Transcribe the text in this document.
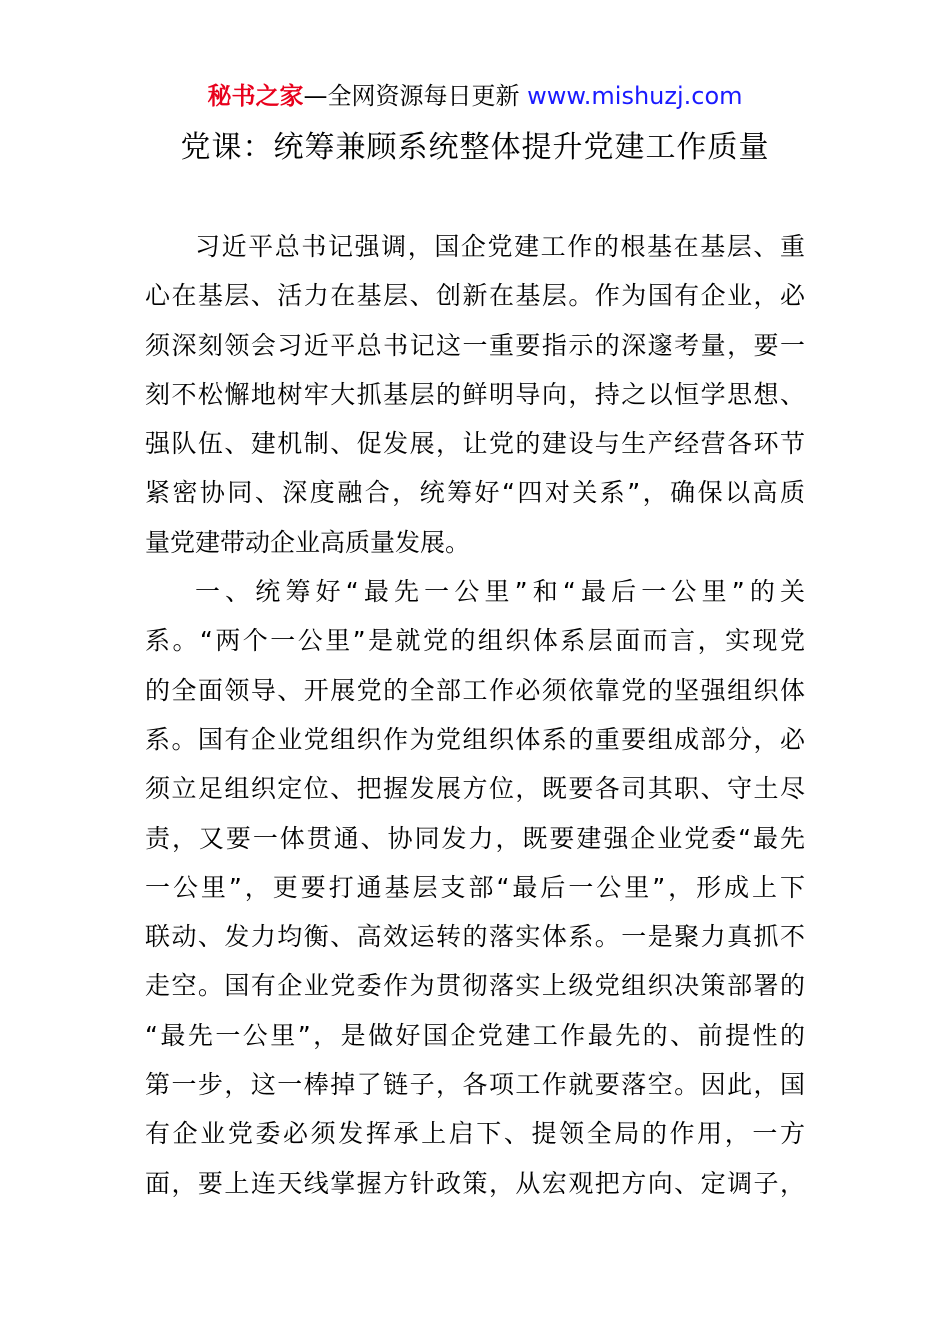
秘书之家—全网资源每日更新 www.mishuzj.com
党课：统筹兼顾系统整体提升党建工作质量
习近平总书记强调，国企党建工作的根基在基层、重
心在基层、活力在基层、创新在基层。作为国有企业，必
须深刻领会习近平总书记这一重要指示的深邃考量，要一
刻不松懈地树牢大抓基层的鲜明导向，持之以恒学思想、
强队伍、建机制、促发展，让党的建设与生产经营各环节
紧密协同、深度融合，统筹好“四对关系”，确保以高质
量党建带动企业高质量发展。
一、统筹好“最先一公里”和“最后一公里”的关
系。“两个一公里”是就党的组织体系层面而言，实现党
的全面领导、开展党的全部工作必须依靠党的坚强组织体
系。国有企业党组织作为党组织体系的重要组成部分，必
须立足组织定位、把握发展方位，既要各司其职、守土尽
责，又要一体贯通、协同发力，既要建强企业党委“最先
一公里”，更要打通基层支部“最后一公里”，形成上下
联动、发力均衡、高效运转的落实体系。一是聚力真抓不
走空。国有企业党委作为贯彻落实上级党组织决策部署的
“最先一公里”，是做好国企党建工作最先的、前提性的
第一步，这一棒掉了链子，各项工作就要落空。因此，国
有企业党委必须发挥承上启下、提领全局的作用，一方
面，要上连天线掌握方针政策，从宏观把方向、定调子，
